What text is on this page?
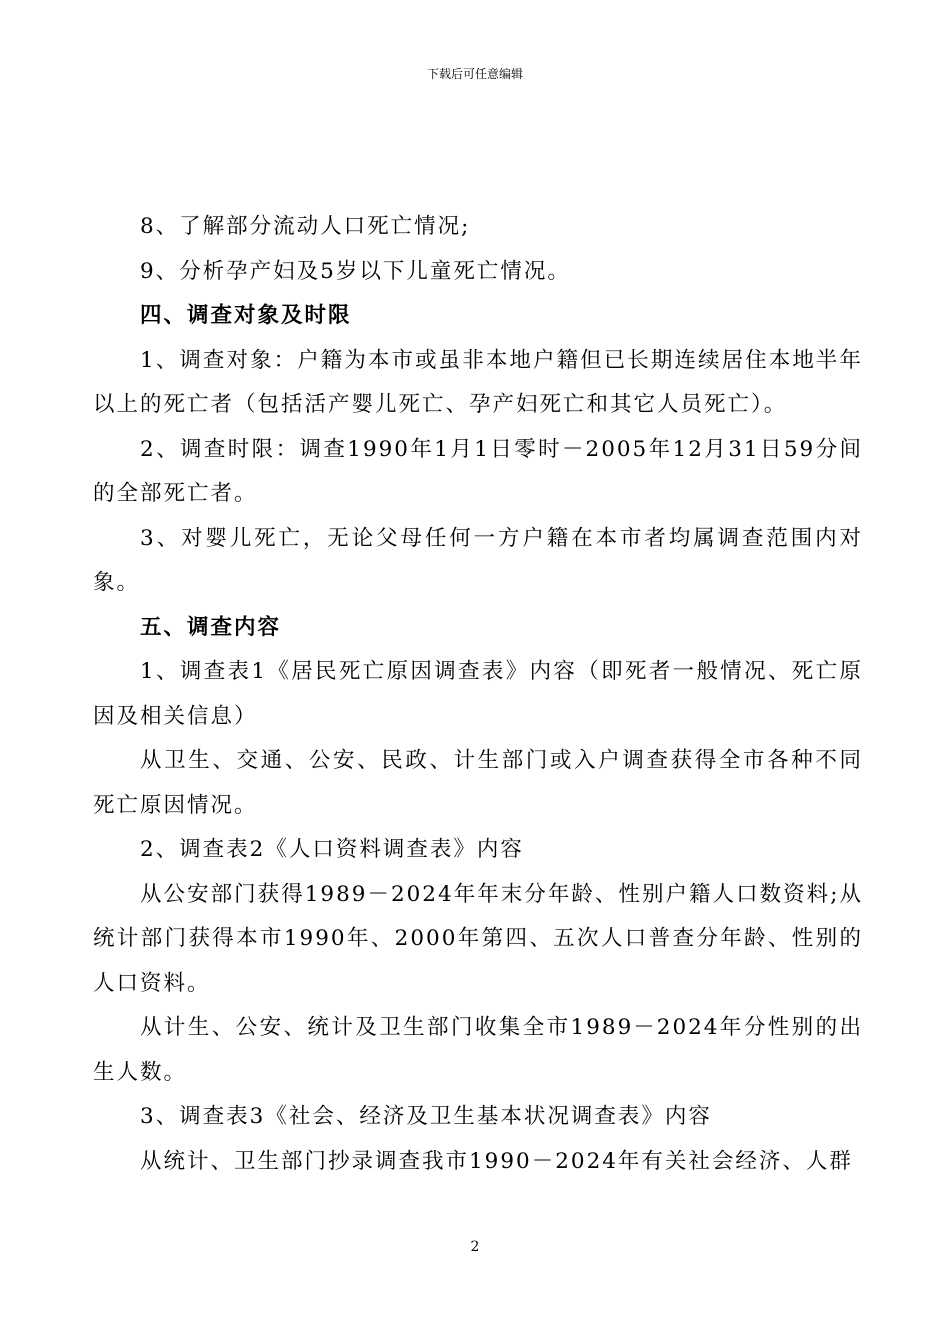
下载后可任意编辑

8、了解部分流动人口死亡情况;

9、分析孕产妇及5岁以下儿童死亡情况。

四、调查对象及时限

1、调查对象：户籍为本市或虽非本地户籍但已长期连续居住本地半年以上的死亡者（包括活产婴儿死亡、孕产妇死亡和其它人员死亡）。

2、调查时限：调查1990年1月1日零时－2005年12月31日59分间的全部死亡者。

3、对婴儿死亡，无论父母任何一方户籍在本市者均属调查范围内对象。

五、调查内容

1、调查表1《居民死亡原因调查表》内容（即死者一般情况、死亡原因及相关信息）

从卫生、交通、公安、民政、计生部门或入户调查获得全市各种不同死亡原因情况。

2、调查表2《人口资料调查表》内容

从公安部门获得1989－2024年年末分年龄、性别户籍人口数资料;从统计部门获得本市1990年、2000年第四、五次人口普查分年龄、性别的人口资料。

从计生、公安、统计及卫生部门收集全市1989－2024年分性别的出生人数。

3、调查表3《社会、经济及卫生基本状况调查表》内容

从统计、卫生部门抄录调查我市1990－2024年有关社会经济、人群

2
